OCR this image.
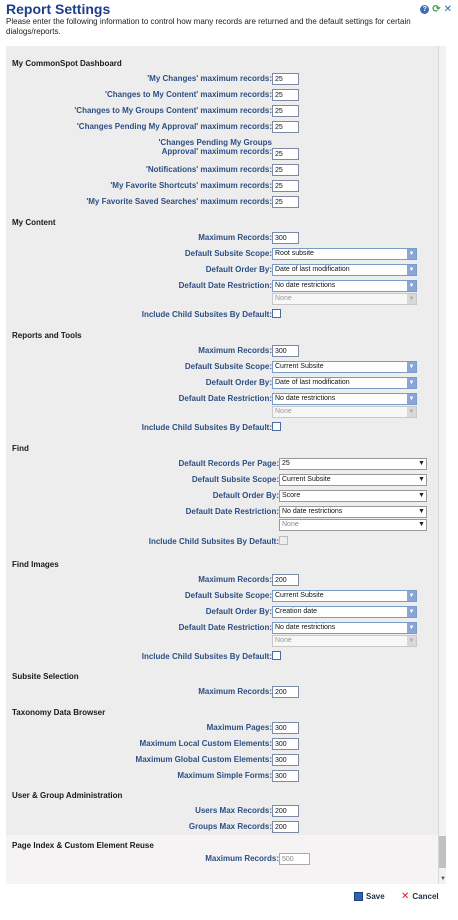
Report Settings	? ⟳ ✕
Please enter the following information to control how many records are returned and the default settings for certain dialogs/reports.
My CommonSpot Dashboard
'My Changes' maximum records: 25
'Changes to My Content' maximum records: 25
'Changes to My Groups Content' maximum records: 25
'Changes Pending My Approval' maximum records: 25
'Changes Pending My Groups Approval' maximum records: 25
'Notifications' maximum records: 25
'My Favorite Shortcuts' maximum records: 25
'My Favorite Saved Searches' maximum records: 25
My Content
Maximum Records: 300
Default Subsite Scope: Root subsite	▼
Default Order By: Date of last modification	▼
Default Date Restriction: No date restrictions	▼
None	▼
Include Child Subsites By Default:
Reports and Tools
Maximum Records: 300
Default Subsite Scope: Current Subsite	▼
Default Order By: Date of last modification	▼
Default Date Restriction: No date restrictions	▼
None	▼
Include Child Subsites By Default:
Find
Default Records Per Page: 25	▼
Default Subsite Scope: Current Subsite	▼
Default Order By: Score	▼
Default Date Restriction: No date restrictions	▼
None	▼
Include Child Subsites By Default:
Find Images
Maximum Records: 200
Default Subsite Scope: Current Subsite	▼
Default Order By: Creation date	▼
Default Date Restriction: No date restrictions	▼
None	▼
Include Child Subsites By Default:
Subsite Selection
Maximum Records: 200
Taxonomy Data Browser
Maximum Pages: 300
Maximum Local Custom Elements: 300
Maximum Global Custom Elements: 300
Maximum Simple Forms: 300
User & Group Administration
Users Max Records: 200
Groups Max Records: 200
Page Index & Custom Element Reuse
Maximum Records: 500
▼
Save ✕ Cancel
